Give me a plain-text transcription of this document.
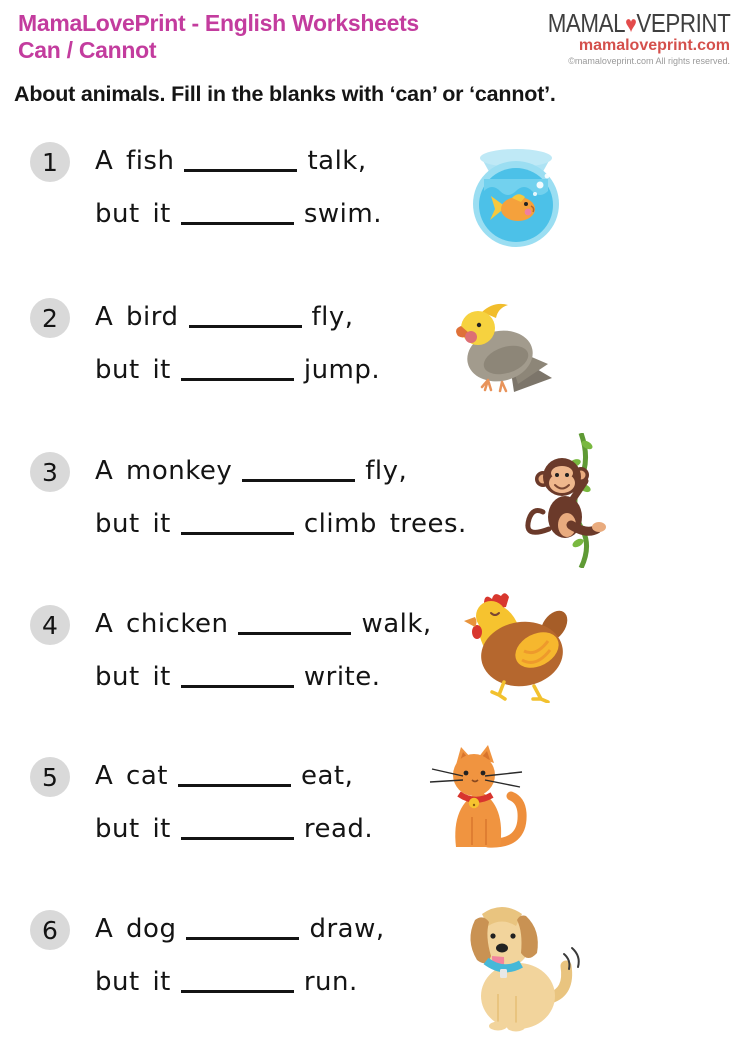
MamaLovePrint - English Worksheets
Can / Cannot
MAMAL♥VEPRINT
mamaloveprint.com
©mamaloveprint.com All rights reserved.
About animals. Fill in the blanks with ‘can’ or ‘cannot’.
1	A fish	talk,
but it	swim.
2	A bird	fly,
but it	jump.
3	A monkey	fly,
but it	climb trees.
4	A chicken	walk,
but it	write.
5	A cat	eat,
but it	read.
6	A dog	draw,
but it	run.
